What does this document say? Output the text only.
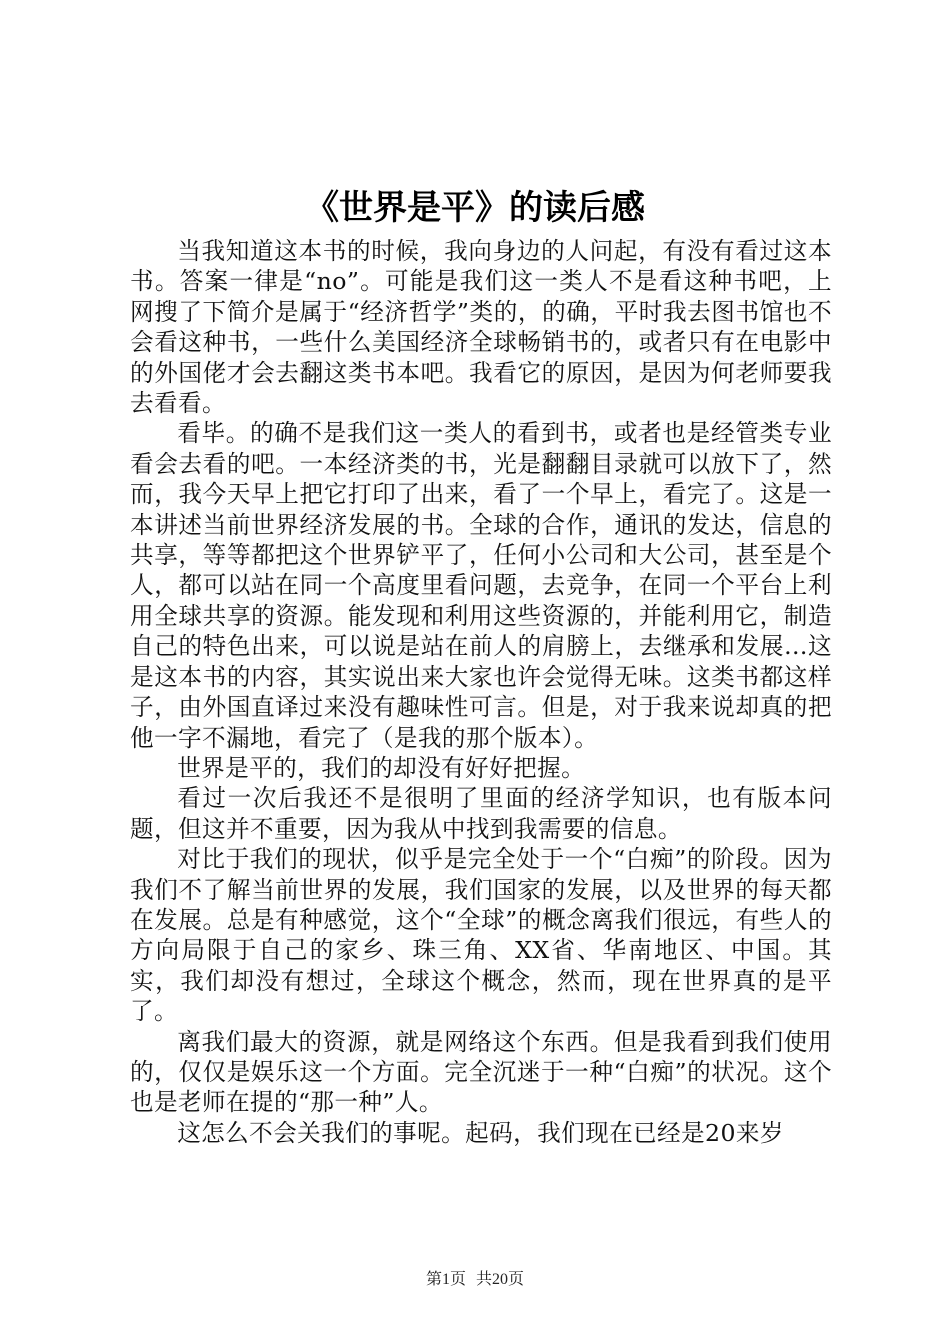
《世界是平》的读后感

当我知道这本书的时候，我向身边的人问起，有没有看过这本书。答案一律是“no”。可能是我们这一类人不是看这种书吧，上网搜了下简介是属于“经济哲学”类的，的确，平时我去图书馆也不会看这种书，一些什么美国经济全球畅销书的，或者只有在电影中的外国佬才会去翻这类书本吧。我看它的原因，是因为何老师要我去看看。

看毕。的确不是我们这一类人的看到书，或者也是经管类专业看会去看的吧。一本经济类的书，光是翻翻目录就可以放下了，然而，我今天早上把它打印了出来，看了一个早上，看完了。这是一本讲述当前世界经济发展的书。全球的合作，通讯的发达，信息的共享，等等都把这个世界铲平了，任何小公司和大公司，甚至是个人，都可以站在同一个高度里看问题，去竞争，在同一个平台上利用全球共享的资源。能发现和利用这些资源的，并能利用它，制造自己的特色出来，可以说是站在前人的肩膀上，去继承和发展...这是这本书的内容，其实说出来大家也许会觉得无味。这类书都这样子，由外国直译过来没有趣味性可言。但是，对于我来说却真的把他一字不漏地，看完了（是我的那个版本）。

世界是平的，我们的却没有好好把握。

看过一次后我还不是很明了里面的经济学知识，也有版本问题，但这并不重要，因为我从中找到我需要的信息。

对比于我们的现状，似乎是完全处于一个“白痴”的阶段。因为我们不了解当前世界的发展，我们国家的发展，以及世界的每天都在发展。总是有种感觉，这个“全球”的概念离我们很远，有些人的方向局限于自己的家乡、珠三角、XX省、华南地区、中国。其实，我们却没有想过，全球这个概念，然而，现在世界真的是平了。

离我们最大的资源，就是网络这个东西。但是我看到我们使用的，仅仅是娱乐这一个方面。完全沉迷于一种“白痴”的状况。这个也是老师在提的“那一种”人。

这怎么不会关我们的事呢。起码，我们现在已经是20来岁

第1页 共20页
